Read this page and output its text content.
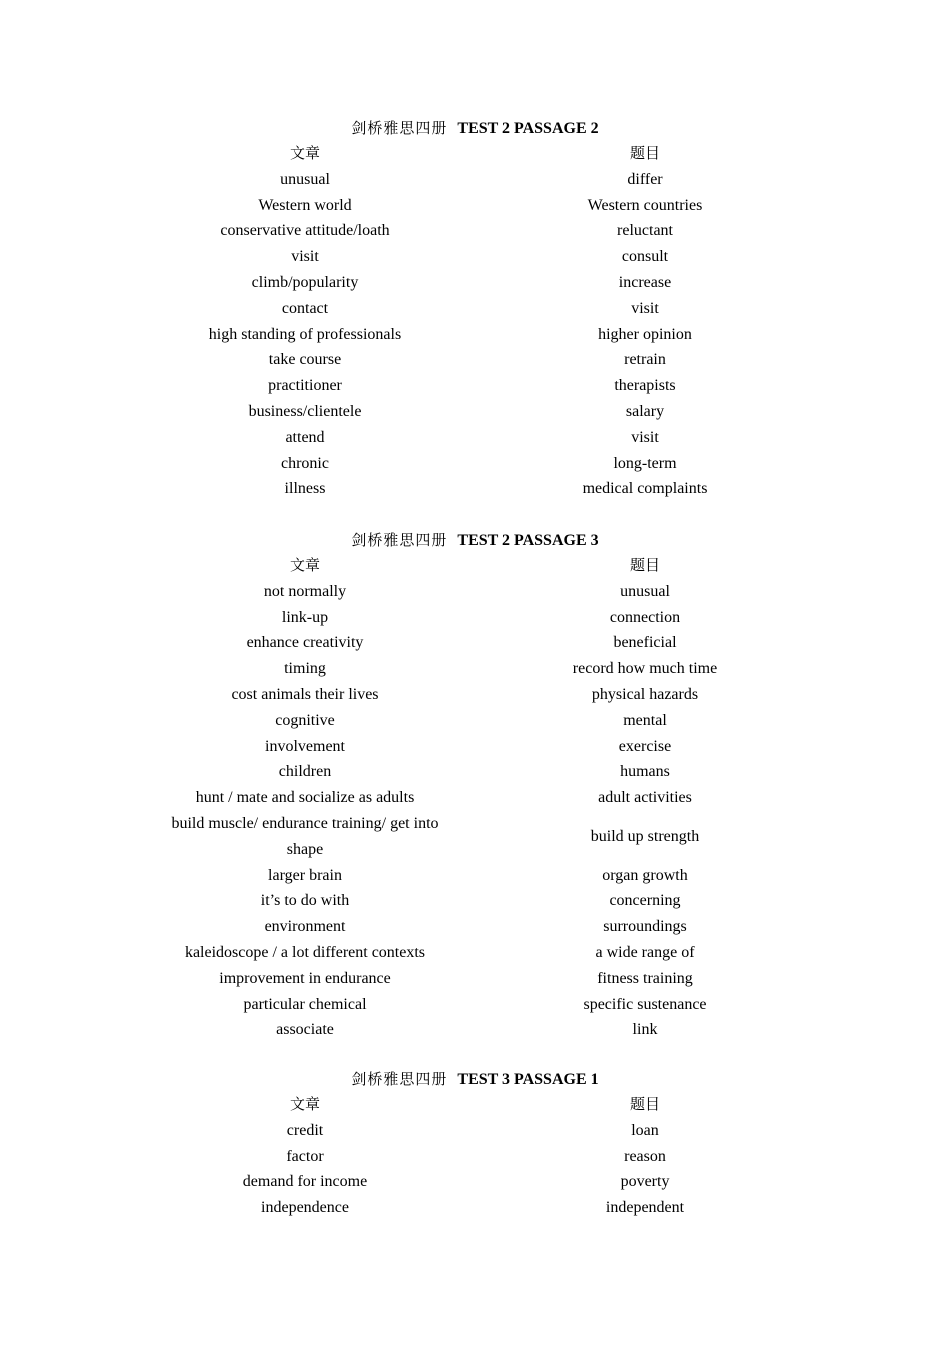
剑桥雅思四册 TEST 2 PASSAGE 2
文章	题目
unusual	differ
Western world	Western countries
conservative attitude/loath	reluctant
visit	consult
climb/popularity	increase
contact	visit
high standing of professionals	higher opinion
take course	retrain
practitioner	therapists
business/clientele	salary
attend	visit
chronic	long-term
illness	medical complaints
剑桥雅思四册 TEST 2 PASSAGE 3
文章	题目
not normally	unusual
link-up	connection
enhance creativity	beneficial
timing	record how much time
cost animals their lives	physical hazards
cognitive	mental
involvement	exercise
children	humans
hunt / mate and socialize as adults	adult activities

build muscle/ endurance training/ get into shape	build up strength
larger brain	organ growth
it’s to do with	concerning
environment	surroundings
kaleidoscope / a lot different contexts	a wide range of
improvement in endurance	fitness training
particular chemical	specific sustenance
associate	link
剑桥雅思四册 TEST 3 PASSAGE 1
文章	题目
credit	loan
factor	reason
demand for income	poverty
independence	independent
